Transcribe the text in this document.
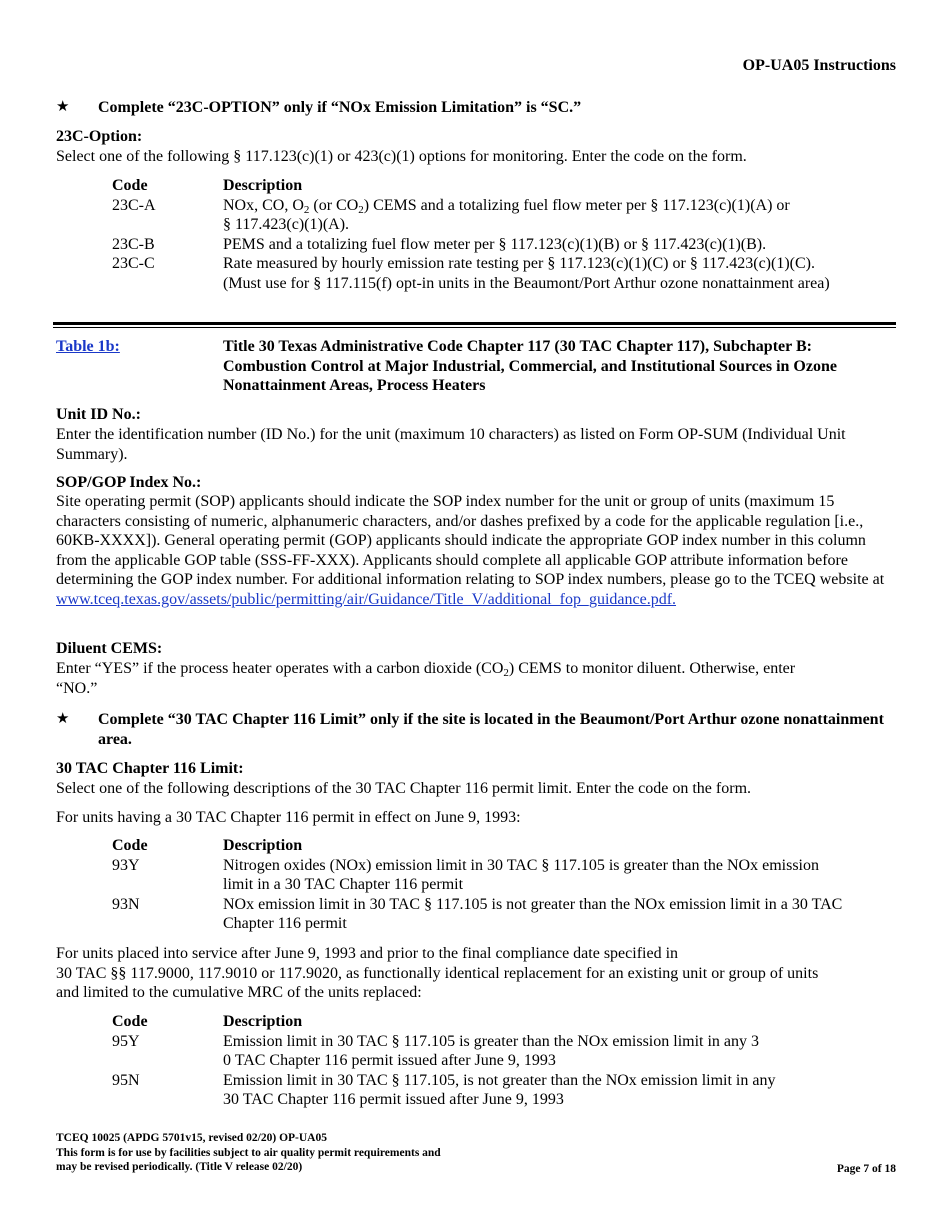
OP-UA05 Instructions
★	Complete “23C-OPTION” only if “NOx Emission Limitation” is “SC.”
23C-Option:
Select one of the following § 117.123(c)(1) or 423(c)(1) options for monitoring. Enter the code on the form.
Code	Description
23C-A	NOx, CO, $O_2$ (or $CO_2$) CEMS and a totalizing fuel flow meter per § 117.123(c)(1)(A) or
§ 117.423(c)(1)(A).
23C-B	PEMS and a totalizing fuel flow meter per § 117.123(c)(1)(B) or § 117.423(c)(1)(B).
23C-C	Rate measured by hourly emission rate testing per § 117.123(c)(1)(C) or § 117.423(c)(1)(C).
(Must use for § 117.115(f) opt-in units in the Beaumont/Port Arthur ozone nonattainment area)
Table 1b:	Title 30 Texas Administrative Code Chapter 117 (30 TAC Chapter 117), Subchapter B: Combustion Control at Major Industrial, Commercial, and Institutional Sources in Ozone Nonattainment Areas, Process Heaters
Unit ID No.:
Enter the identification number (ID No.) for the unit (maximum 10 characters) as listed on Form OP-SUM (Individual Unit Summary).
SOP/GOP Index No.:
Site operating permit (SOP) applicants should indicate the SOP index number for the unit or group of units (maximum 15 characters consisting of numeric, alphanumeric characters, and/or dashes prefixed by a code for the applicable regulation [i.e., 60KB-XXXX]). General operating permit (GOP) applicants should indicate the appropriate GOP index number in this column from the applicable GOP table (SSS-FF-XXX). Applicants should complete all applicable GOP attribute information before determining the GOP index number. For additional information relating to SOP index numbers, please go to the TCEQ website at
www.tceq.texas.gov/assets/public/permitting/air/Guidance/Title_V/additional_fop_guidance.pdf.
Diluent CEMS:
Enter “YES” if the process heater operates with a carbon dioxide $(CO_2)$ CEMS to monitor diluent. Otherwise, enter
“NO.”
★	Complete “30 TAC Chapter 116 Limit” only if the site is located in the Beaumont/Port Arthur ozone nonattainment area.
30 TAC Chapter 116 Limit:
Select one of the following descriptions of the 30 TAC Chapter 116 permit limit. Enter the code on the form.
For units having a 30 TAC Chapter 116 permit in effect on June 9, 1993:
Code	Description
93Y	Nitrogen oxides (NOx) emission limit in 30 TAC § 117.105 is greater than the NOx emission
limit in a 30 TAC Chapter 116 permit
93N	NOx emission limit in 30 TAC § 117.105 is not greater than the NOx emission limit in a 30 TAC
Chapter 116 permit
For units placed into service after June 9, 1993 and prior to the final compliance date specified in
30 TAC §§ 117.9000, 117.9010 or 117.9020, as functionally identical replacement for an existing unit or group of units
and limited to the cumulative MRC of the units replaced:
Code	Description
95Y	Emission limit in 30 TAC § 117.105 is greater than the NOx emission limit in any 3
0 TAC Chapter 116 permit issued after June 9, 1993
95N	Emission limit in 30 TAC § 117.105, is not greater than the NOx emission limit in any
30 TAC Chapter 116 permit issued after June 9, 1993
TCEQ 10025 (APDG 5701v15, revised 02/20) OP-UA05
This form is for use by facilities subject to air quality permit requirements and
may be revised periodically. (Title V release 02/20)	Page 7 of 18
